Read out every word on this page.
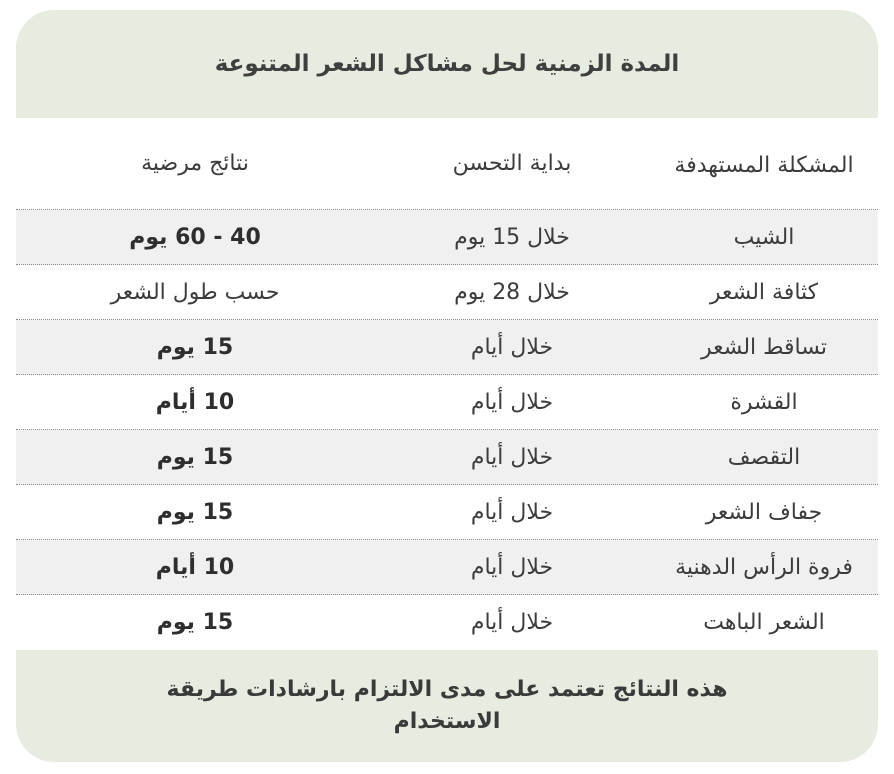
المدة الزمنية لحل مشاكل الشعر المتنوعة
المشكلة المستهدفة
بداية التحسن
نتائج مرضية
الشيب
خلال 15 يوم
40 - 60 يوم
كثافة الشعر
خلال 28 يوم
حسب طول الشعر
تساقط الشعر
خلال أيام
15 يوم
القشرة
خلال أيام
10 أيام
التقصف
خلال أيام
15 يوم
جفاف الشعر
خلال أيام
15 يوم
فروة الرأس الدهنية
خلال أيام
10 أيام
الشعر الباهت
خلال أيام
15 يوم
هذه النتائج تعتمد على مدى الالتزام بارشادات طريقة الاستخدام
